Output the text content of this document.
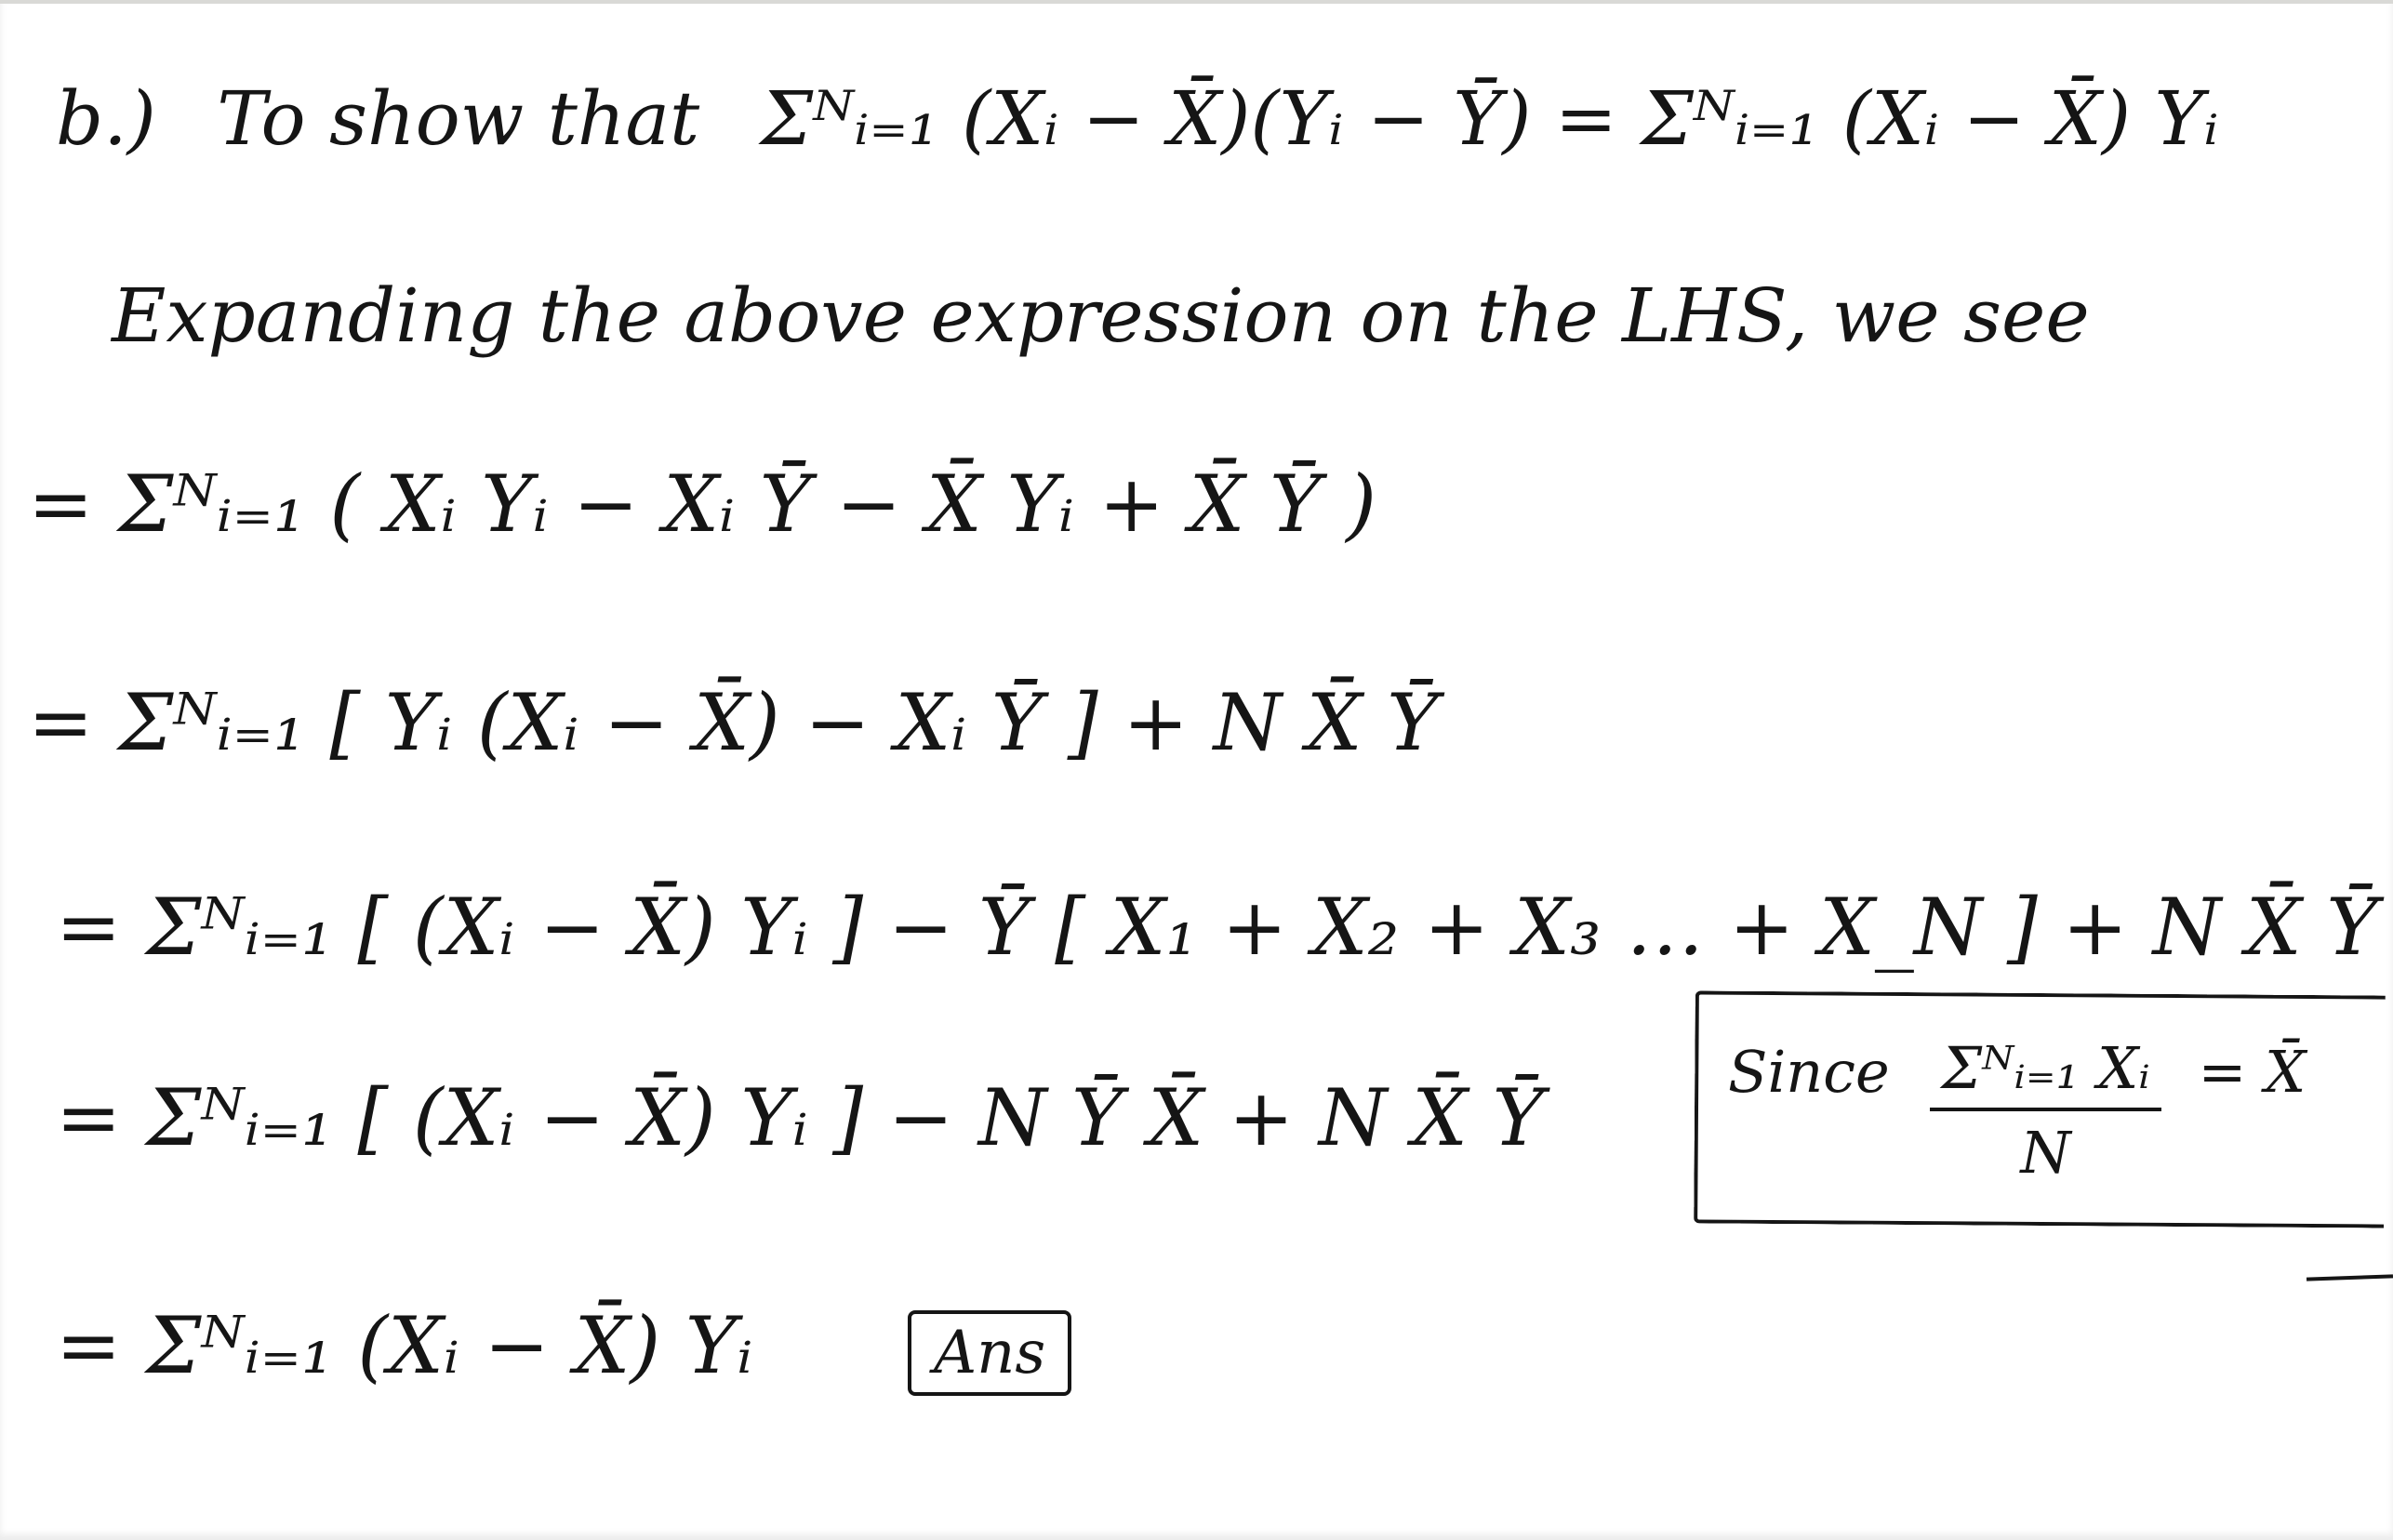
b.) To show that Σᴺᵢ₌₁ (Xᵢ − X̄)(Yᵢ − Ȳ) = Σᴺᵢ₌₁ (Xᵢ − X̄) Yᵢ
Expanding the above expression on the LHS, we see
= Σᴺᵢ₌₁ ( Xᵢ Yᵢ − Xᵢ Ȳ − X̄ Yᵢ + X̄ Ȳ )
= Σᴺᵢ₌₁ [ Yᵢ (Xᵢ − X̄) − Xᵢ Ȳ ] + N X̄ Ȳ
= Σᴺᵢ₌₁ [ (Xᵢ − X̄) Yᵢ ] − Ȳ [ X₁ + X₂ + X₃ … + X_N ] + N X̄ Ȳ
= Σᴺᵢ₌₁ [ (Xᵢ − X̄) Yᵢ ] − N Ȳ X̄ + N X̄ Ȳ
= Σᴺᵢ₌₁ (Xᵢ − X̄) Yᵢ	Ans
Since $\frac{\text{Σᴺᵢ₌₁ Xᵢ}}{N}$ = X̄
